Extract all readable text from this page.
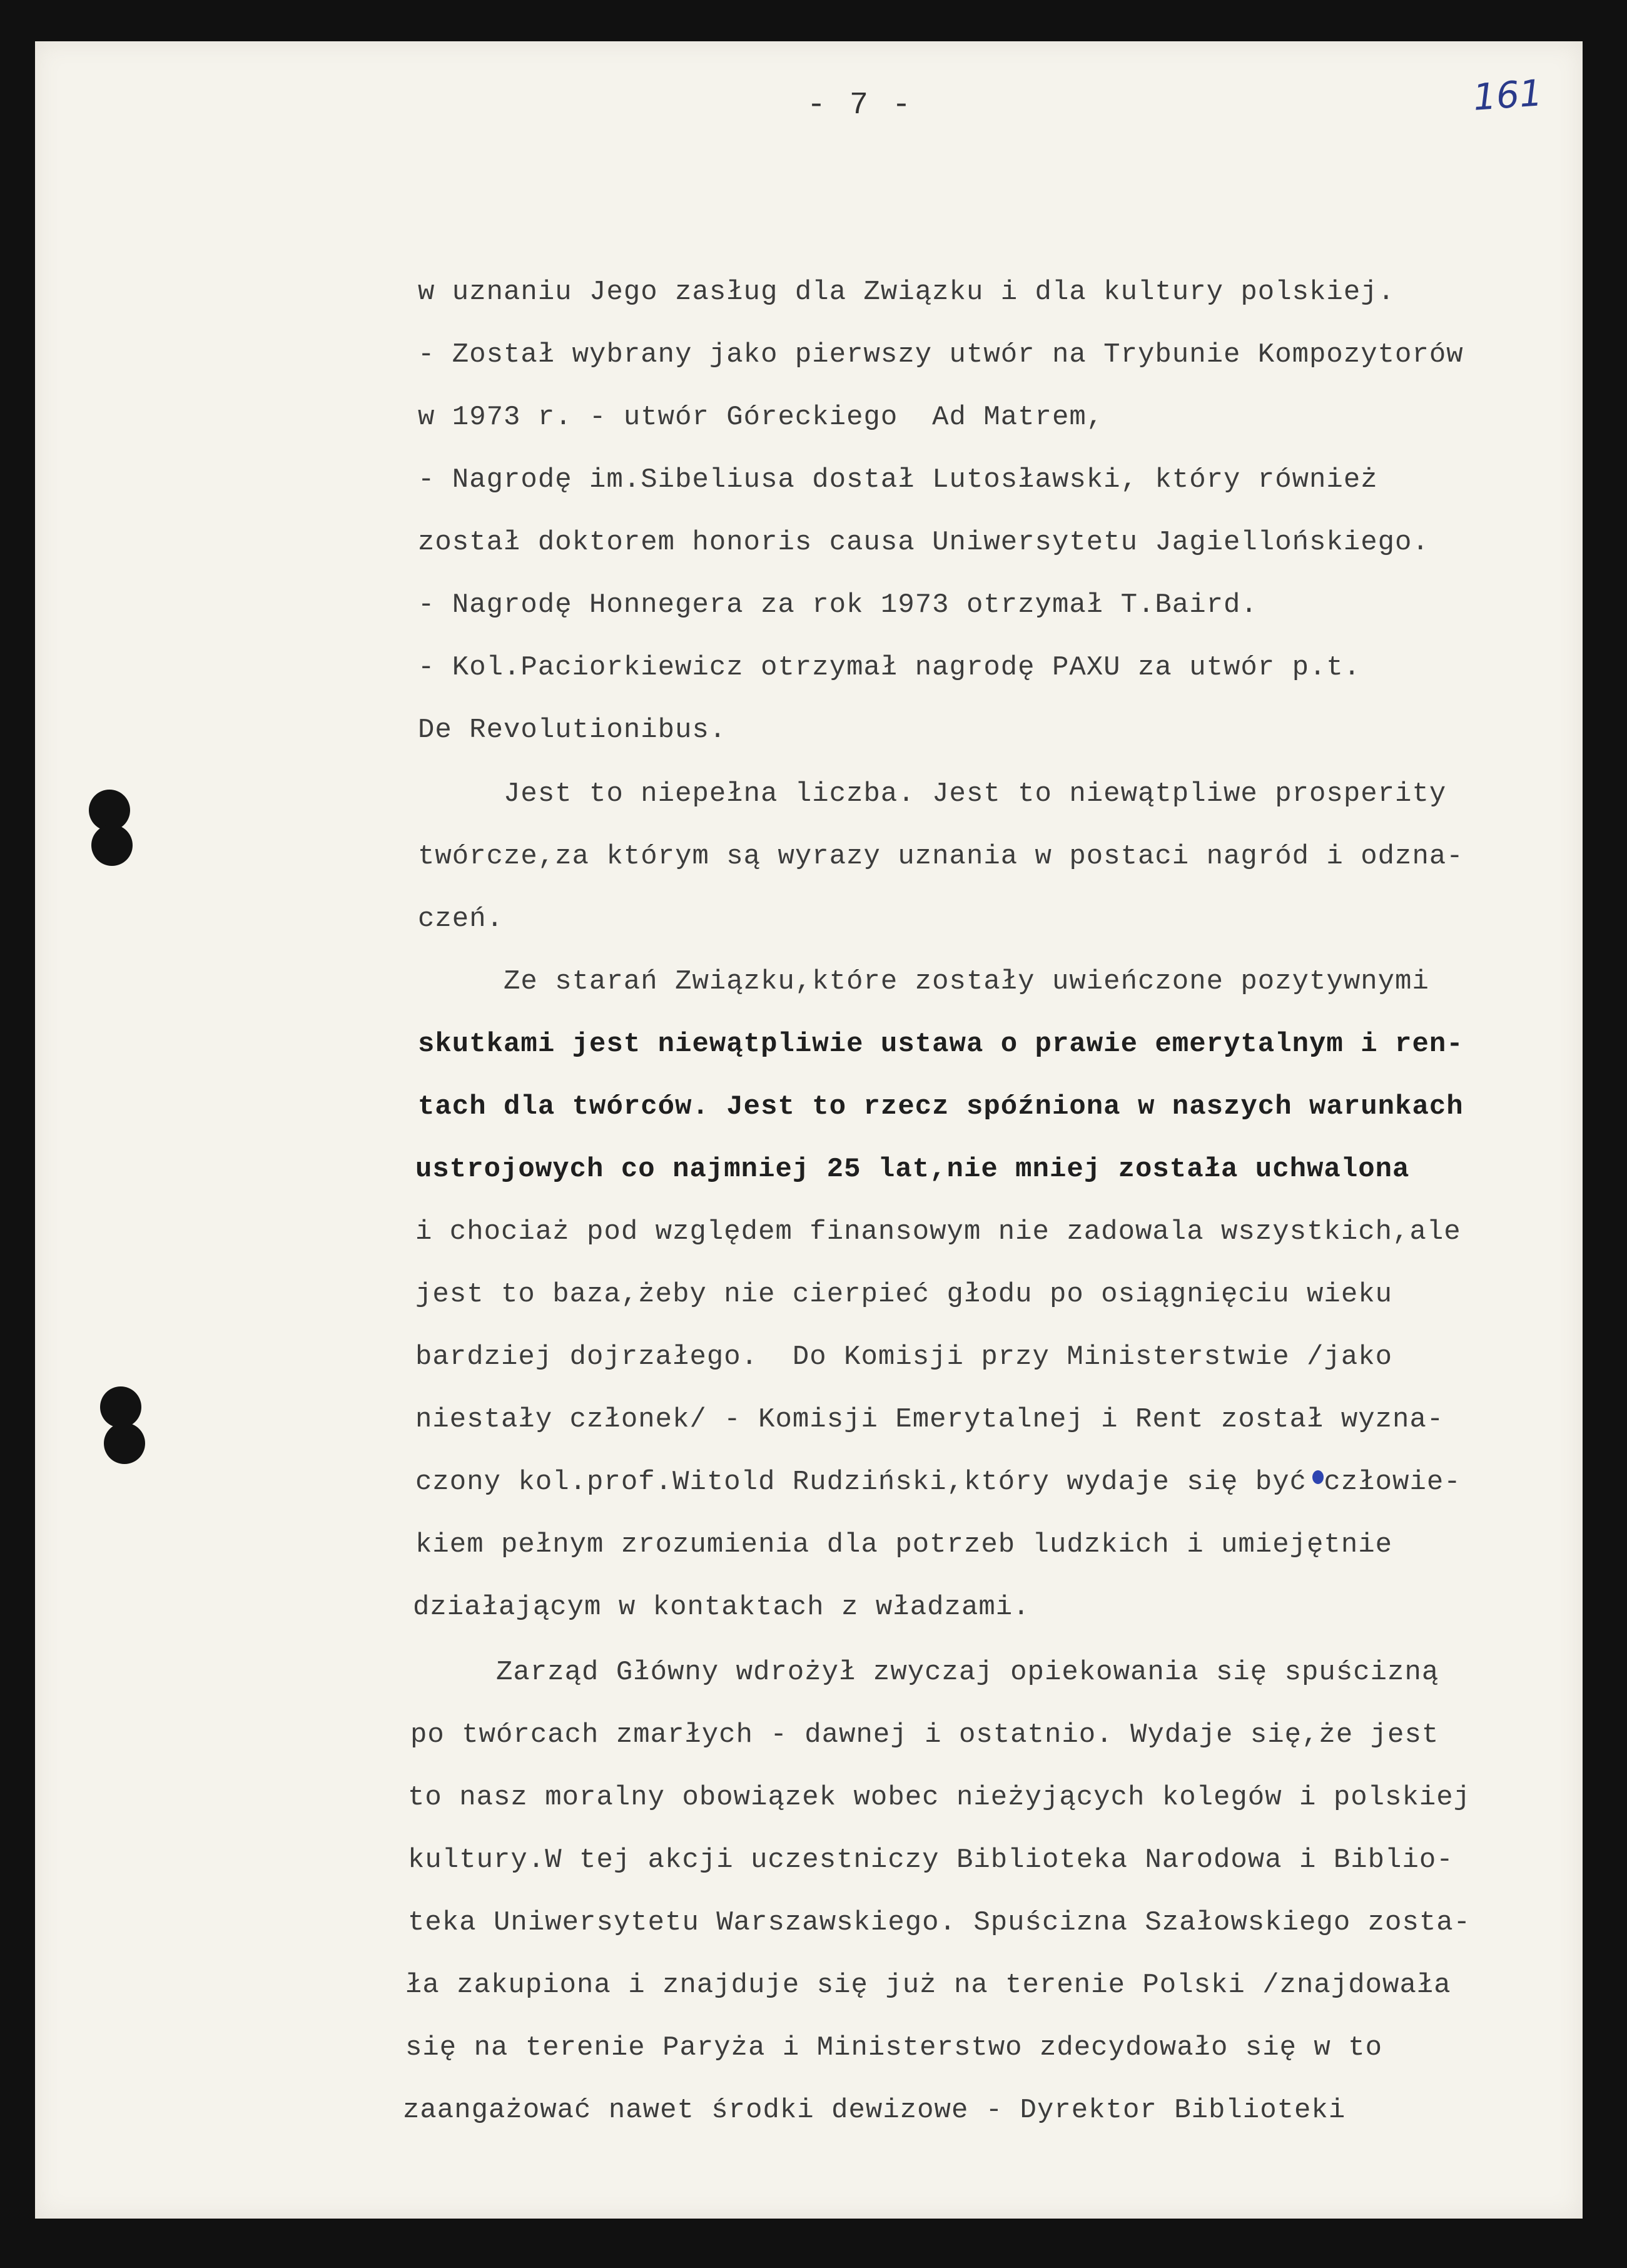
- 7 -	161
w uznaniu Jego zasług dla Związku i dla kultury polskiej.
- Został wybrany jako pierwszy utwór na Trybunie Kompozytorów
w 1973 r. - utwór Góreckiego  Ad Matrem,
- Nagrodę im.Sibeliusa dostał Lutosławski, który również
został doktorem honoris causa Uniwersytetu Jagiellońskiego.
- Nagrodę Honnegera za rok 1973 otrzymał T.Baird.
- Kol.Paciorkiewicz otrzymał nagrodę PAXU za utwór p.t.
De Revolutionibus.
Jest to niepełna liczba. Jest to niewątpliwe prosperity
twórcze,za którym są wyrazy uznania w postaci nagród i odzna-
czeń.
Ze starań Związku,które zostały uwieńczone pozytywnymi
skutkami jest niewątpliwie ustawa o prawie emerytalnym i ren-
tach dla twórców. Jest to rzecz spóźniona w naszych warunkach
ustrojowych co najmniej 25 lat,nie mniej została uchwalona
i chociaż pod względem finansowym nie zadowala wszystkich,ale
jest to baza,żeby nie cierpieć głodu po osiągnięciu wieku
bardziej dojrzałego.  Do Komisji przy Ministerstwie /jako
niestały członek/ - Komisji Emerytalnej i Rent został wyzna-
czony kol.prof.Witold Rudziński,który wydaje się być człowie-
kiem pełnym zrozumienia dla potrzeb ludzkich i umiejętnie
działającym w kontaktach z władzami.
Zarząd Główny wdrożył zwyczaj opiekowania się spuścizną
po twórcach zmarłych - dawnej i ostatnio. Wydaje się,że jest
to nasz moralny obowiązek wobec nieżyjących kolegów i polskiej
kultury.W tej akcji uczestniczy Biblioteka Narodowa i Biblio-
teka Uniwersytetu Warszawskiego. Spuścizna Szałowskiego zosta-
ła zakupiona i znajduje się już na terenie Polski /znajdowała
się na terenie Paryża i Ministerstwo zdecydowało się w to
zaangażować nawet środki dewizowe - Dyrektor Biblioteki
